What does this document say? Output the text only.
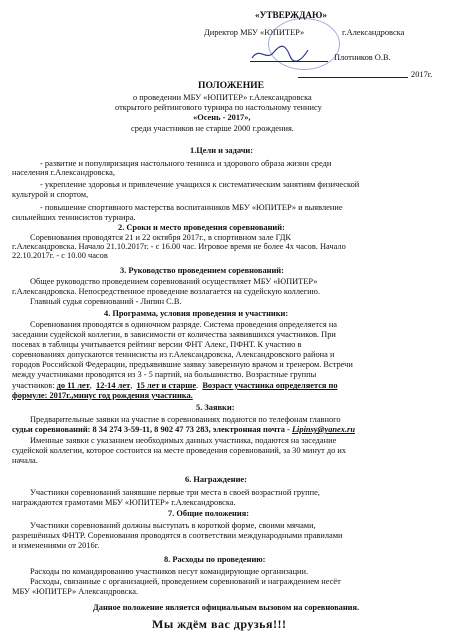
«УТВЕРЖДАЮ»
Директор МБУ «ЮПИТЕР»	г.Александровска
Плотников О.В.
2017г.
ПОЛОЖЕНИЕ
о проведении МБУ «ЮПИТЕР» г.Александровска
открытого рейтингового турнира по настольному теннису
«Осень - 2017»,
среди участников не старше 2000 г.рождения.
1.Цели и задачи:
- развитие и популяризация настольного тенниса и здорового образа жизни среди
населения г.Александровска,
- укрепление здоровья и привлечение учащихся к систематическим занятиям физической
культурой и спортом,
- повышение спортивного мастерства воспитанников МБУ «ЮПИТЕР» и выявление
сильнейших теннисистов турнира.
2. Сроки и место проведения соревнований:
Соревнования проводятся 21 и 22 октября 2017г., в спортивном зале ГДК
г.Александровска. Начало 21.10.2017г. - с 16.00 час. Игровое время не более 4х часов. Начало
22.10.2017г. - с 10.00 часов
3. Руководство проведением соревнований:
Общее руководство проведением соревнований осуществляет МБУ «ЮПИТЕР»
г.Александровска. Непосредственное проведение возлагается на судейскую коллегию.
Главный судья соревнований - Липин С.В.
4. Программа, условия проведения и участники:
Соревнования проводятся в одиночном разряде. Система проведения определяется на
заседании судейской коллегии, в зависимости от количества заявившихся участников. При
посевах в таблицы учитывается рейтинг версии ФНТ Алекс, ПФНТ. К участию в
соревнованиях допускаются теннисисты из г.Александровска, Александровского района и
городов Российской Федерации, предъявившие заявку заверенную врачом и тренером. Встречи
между участниками проводятся из 3 - 5 партий, на большинство. Возрастные группы
участников: до 11 лет,  12-14 лет,  15 лет и старше.  Возраст участника определяется по
формуле: 2017г.,минус год рождения участника.
5. Заявки:
Предварительные заявки на участие в соревнованиях подаются по телефонам главного
судьи соревнований: 8 34 274 3-59-11, 8 902 47 73 283, электронная почта - Lipinsy@yanex.ru
Именные заявки с указанием необходимых данных участника, подаются на заседание
судейской коллегии, которое состоится на месте проведения соревнований, за 30 минут до их
начала.
6. Награждение:
Участники соревнований занявшие первые три места в своей возрастной группе,
награждаются грамотами МБУ «ЮПИТЕР» г.Александровска.
7. Общие положения:
Участники соревнований должны выступать в короткой форме, своими мячами,
разрешённых ФНТР. Соревнования проводятся в соответствии международными правилами
и изменениями от 2016г.
8. Расходы по проведению:
Расходы по командированию участников несут командирующие организации.
Расходы, связанные с организацией, проведением соревнований и награждением несёт
МБУ «ЮПИТЕР» Александровска.
Данное положение является официальным вызовом на соревнования.
Мы ждём вас друзья!!!
